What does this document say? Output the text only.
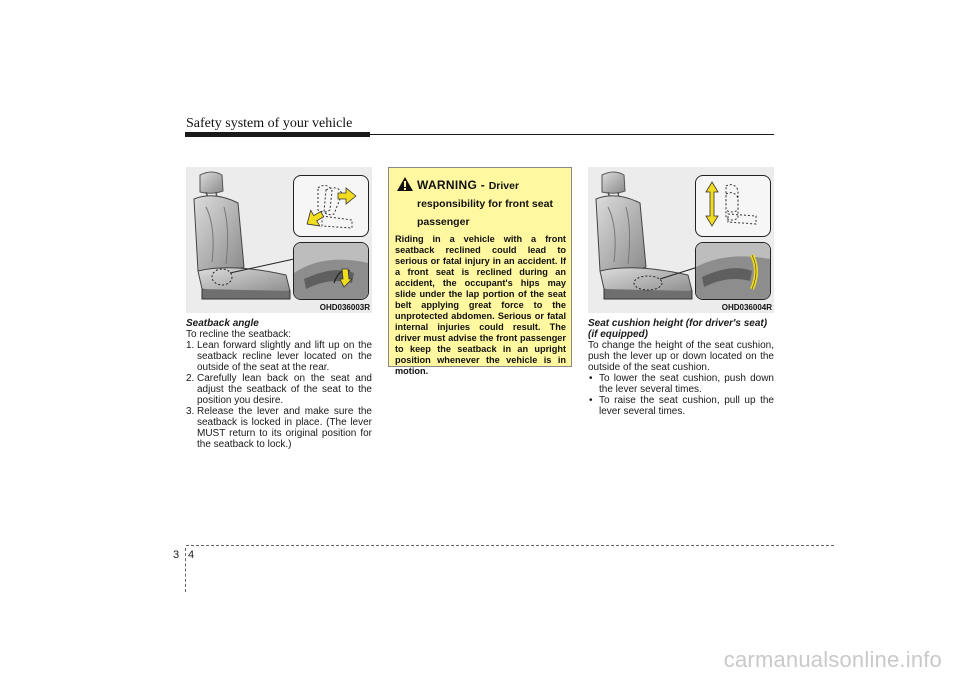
Safety system of your vehicle
OHD036003R
Seatback angle
To recline the seatback:
1. Lean forward slightly and lift up on the seatback recline lever located on the outside of the seat at the rear.
2. Carefully lean back on the seat and adjust the seatback of the seat to the position you desire.
3. Release the lever and make sure the seatback is locked in place. (The lever MUST return to its original position for the seatback to lock.)
WARNING - Driver responsibility for front seat passenger
Riding in a vehicle with a front seatback reclined could lead to serious or fatal injury in an accident. If a front seat is reclined during an accident, the occupant's hips may slide under the lap portion of the seat belt applying great force to the unprotected abdomen. Serious or fatal internal injuries could result. The driver must advise the front passenger to keep the seatback in an upright position whenever the vehicle is in motion.
OHD036004R
Seat cushion height (for driver's seat)
(if equipped)
To change the height of the seat cushion, push the lever up or down located on the outside of the seat cushion.
• To lower the seat cushion, push down the lever several times.
• To raise the seat cushion, pull up the lever several times.
3 4
carmanualsonline.info
